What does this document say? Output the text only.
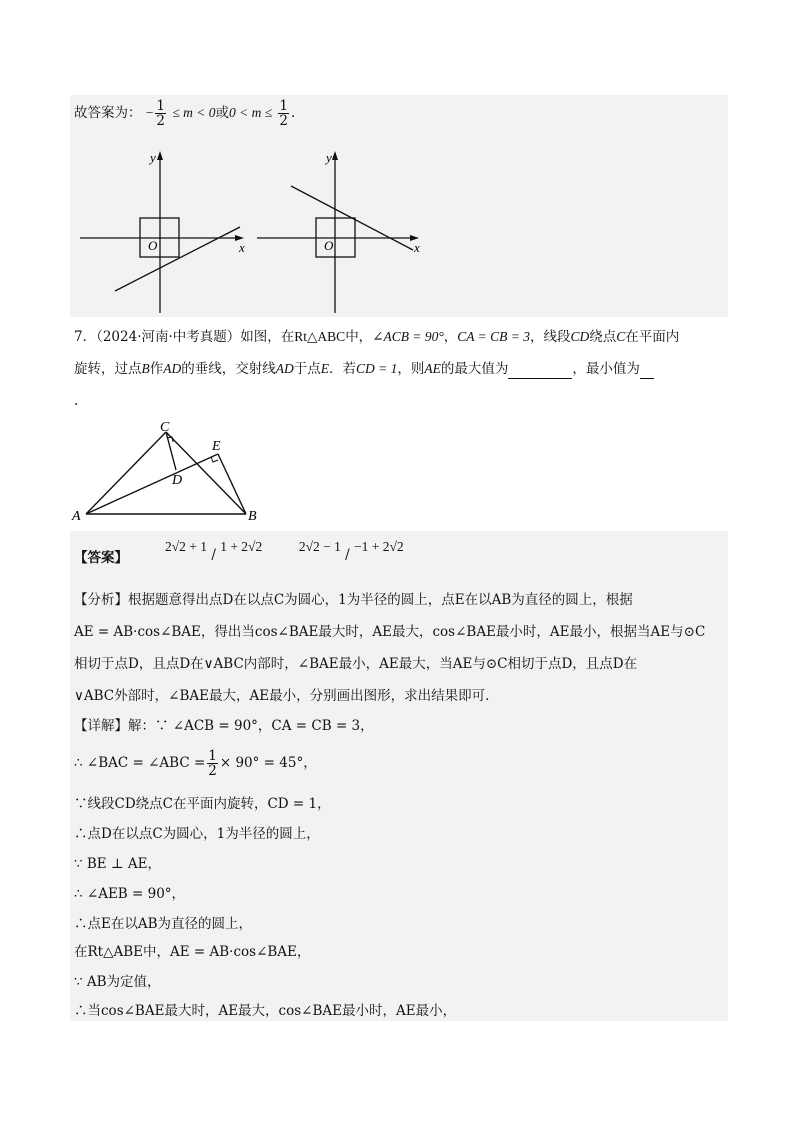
故答案为： − $\frac{1}{2} \le m < 0$或$0 < m \le \frac{1}{2}$ .
y
x
O
y
x
O
7．（2024·河南·中考真题）如图，在Rt△ABC中，∠ACB = 90°，CA = CB = 3，线段CD绕点C在平面内
旋转，过点B作AD的垂线，交射线AD于点E．若CD = 1，则AE的最大值为	，最小值为
.
A	B
C
D
E
【答案】
2√2 + 1 / 1 + 2√2	2√2 − 1 / −1 + 2√2
【分析】根据题意得出点D在以点C为圆心，1为半径的圆上，点E在以AB为直径的圆上，根据
AE = AB·cos∠BAE，得出当cos∠BAE最大时，AE最大，cos∠BAE最小时，AE最小，根据当AE与⊙C
相切于点D，且点D在∨ABC内部时，∠BAE最小，AE最大，当AE与⊙C相切于点D，且点D在
∨ABC外部时，∠BAE最大，AE最小，分别画出图形，求出结果即可.
【详解】解：∵ ∠ACB = 90°，CA = CB = 3，
∴ ∠BAC = ∠ABC = $\frac{1}{2} \times 90^\circ = 45^\circ$，
∵线段CD绕点C在平面内旋转，CD = 1，
∴点D在以点C为圆心，1为半径的圆上，
∵ BE ⊥ AE，
∴ ∠AEB = 90°，
∴点E在以AB为直径的圆上，
在Rt△ABE中，AE = AB·cos∠BAE，
∵ AB为定值，
∴当cos∠BAE最大时，AE最大，cos∠BAE最小时，AE最小，
